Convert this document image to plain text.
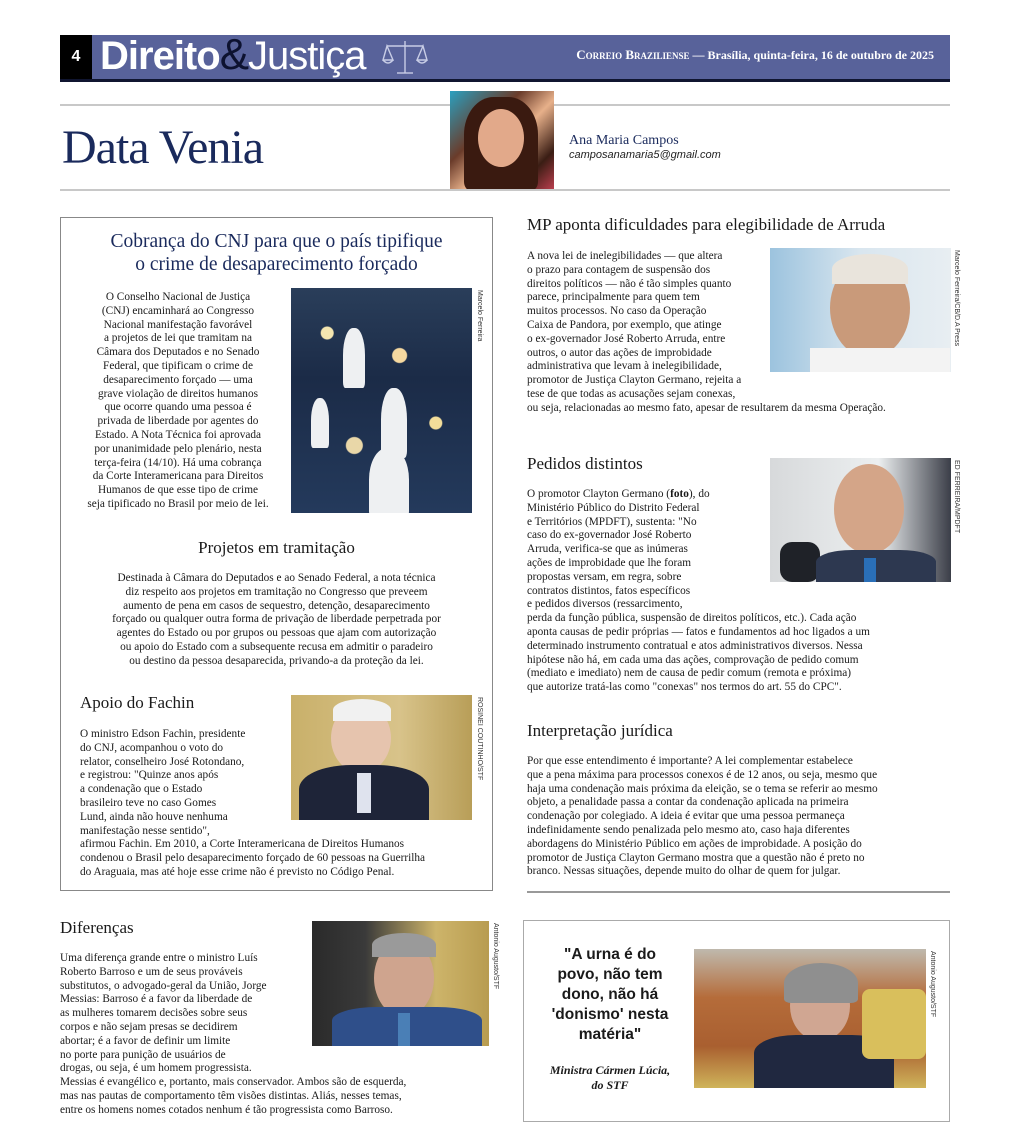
4 Direito&Justiça	Correio Braziliense — Brasília, quinta-feira, 16 de outubro de 2025
Data Venia	Ana Maria Campos
camposanamaria5@gmail.com
Cobrança do CNJ para que o país tipifique
o crime de desaparecimento forçado
O Conselho Nacional de Justiça
(CNJ) encaminhará ao Congresso
Nacional manifestação favorável
a projetos de lei que tramitam na
Câmara dos Deputados e no Senado
Federal, que tipificam o crime de
desaparecimento forçado — uma
grave violação de direitos humanos
que ocorre quando uma pessoa é
privada de liberdade por agentes do
Estado. A Nota Técnica foi aprovada
por unanimidade pelo plenário, nesta
terça-feira (14/10). Há uma cobrança
da Corte Interamericana para Direitos
Humanos de que esse tipo de crime
seja tipificado no Brasil por meio de lei.
Marcelo Ferreira
Projetos em tramitação
Destinada à Câmara do Deputados e ao Senado Federal, a nota técnica
diz respeito aos projetos em tramitação no Congresso que preveem
aumento de pena em casos de sequestro, detenção, desaparecimento
forçado ou qualquer outra forma de privação de liberdade perpetrada por
agentes do Estado ou por grupos ou pessoas que ajam com autorização
ou apoio do Estado com a subsequente recusa em admitir o paradeiro
ou destino da pessoa desaparecida, privando-a da proteção da lei.
Apoio do Fachin	ROSINEI COUTINHO/STF
O ministro Edson Fachin, presidente
do CNJ, acompanhou o voto do
relator, conselheiro José Rotondano,
e registrou: "Quinze anos após
a condenação que o Estado
brasileiro teve no caso Gomes
Lund, ainda não houve nenhuma
manifestação nesse sentido",
afirmou Fachin. Em 2010, a Corte Interamericana de Direitos Humanos
condenou o Brasil pelo desaparecimento forçado de 60 pessoas na Guerrilha
do Araguaia, mas até hoje esse crime não é previsto no Código Penal.
MP aponta dificuldades para elegibilidade de Arruda
Marcelo Ferreira/CB/D.A Press
A nova lei de inelegibilidades — que altera
o prazo para contagem de suspensão dos
direitos políticos — não é tão simples quanto
parece, principalmente para quem tem
muitos processos. No caso da Operação
Caixa de Pandora, por exemplo, que atinge
o ex-governador José Roberto Arruda, entre
outros, o autor das ações de improbidade
administrativa que levam à inelegibilidade,
promotor de Justiça Clayton Germano, rejeita a
tese de que todas as acusações sejam conexas,
ou seja, relacionadas ao mesmo fato, apesar de resultarem da mesma Operação.
Pedidos distintos	ED FERREIRA/MPDFT
O promotor Clayton Germano (foto), do
Ministério Público do Distrito Federal
e Territórios (MPDFT), sustenta: "No
caso do ex-governador José Roberto
Arruda, verifica-se que as inúmeras
ações de improbidade que lhe foram
propostas versam, em regra, sobre
contratos distintos, fatos específicos
e pedidos diversos (ressarcimento,
perda da função pública, suspensão de direitos políticos, etc.). Cada ação
aponta causas de pedir próprias — fatos e fundamentos ad hoc ligados a um
determinado instrumento contratual e atos administrativos diversos. Nessa
hipótese não há, em cada uma das ações, comprovação de pedido comum
(mediato e imediato) nem de causa de pedir comum (remota e próxima)
que autorize tratá-las como "conexas" nos termos do art. 55 do CPC".
Interpretação jurídica
Por que esse entendimento é importante? A lei complementar estabelece
que a pena máxima para processos conexos é de 12 anos, ou seja, mesmo que
haja uma condenação mais próxima da eleição, se o tema se referir ao mesmo
objeto, a penalidade passa a contar da condenação aplicada na primeira
condenação por colegiado. A ideia é evitar que uma pessoa permaneça
indefinidamente sendo penalizada pelo mesmo ato, caso haja diferentes
abordagens do Ministério Público em ações de improbidade. A posição do
promotor de Justiça Clayton Germano mostra que a questão não é preto no
branco. Nessas situações, depende muito do olhar de quem for julgar.
Diferenças	Antonio Augusto/STF
Uma diferença grande entre o ministro Luís
Roberto Barroso e um de seus prováveis
substitutos, o advogado-geral da União, Jorge
Messias: Barroso é a favor da liberdade de
as mulheres tomarem decisões sobre seus
corpos e não sejam presas se decidirem
abortar; é a favor de definir um limite
no porte para punição de usuários de
drogas, ou seja, é um homem progressista.
Messias é evangélico e, portanto, mais conservador. Ambos são de esquerda,
mas nas pautas de comportamento têm visões distintas. Aliás, nesses temas,
entre os homens nomes cotados nenhum é tão progressista como Barroso.
"A urna é do
povo, não tem
dono, não há
'donismo' nesta
matéria"
Ministra Cármen Lúcia,
do STF
Antonio Augusto/STF
